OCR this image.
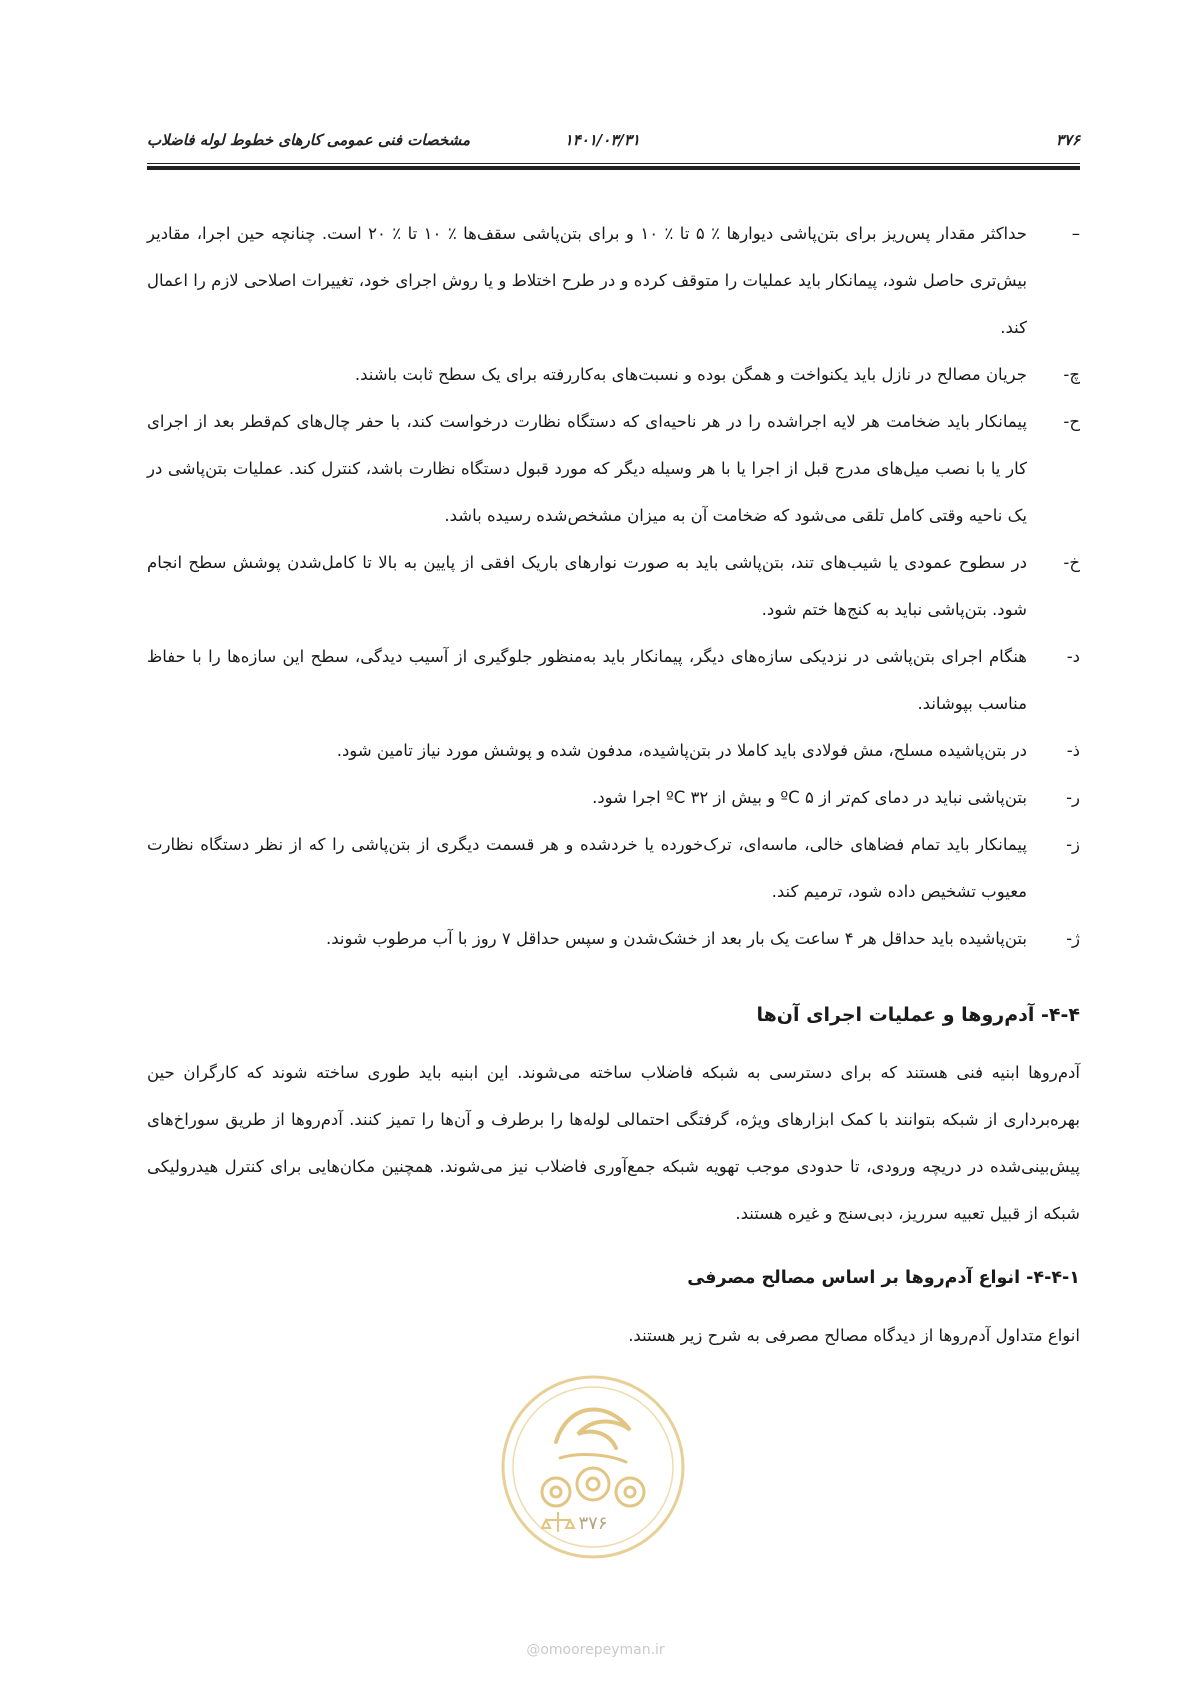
۳۷۶
۱۴۰۱/۰۳/۳۱
مشخصات فنی عمومی کارهای خطوط لوله فاضلاب
–
حداکثر مقدار پس‌ریز برای بتن‌پاشی دیوارها ٪ ۵ تا ٪ ۱۰ و برای بتن‌پاشی سقف‌ها ٪ ۱۰ تا ٪ ۲۰ است. چنانچه حین اجرا، مقادیر بیش‌تری حاصل شود، پیمانکار باید عملیات را متوقف کرده و در طرح اختلاط و یا روش اجرای خود، تغییرات اصلاحی لازم را اعمال کند.
چ-
جریان مصالح در نازل باید یکنواخت و همگن بوده و نسبت‌های به‌کاررفته برای یک سطح ثابت باشند.
ح-
پیمانکار باید ضخامت هر لایه اجراشده را در هر ناحیه‌ای که دستگاه نظارت درخواست کند، با حفر چال‌های کم‌قطر بعد از اجرای کار یا با نصب میل‌های مدرج قبل از اجرا یا با هر وسیله دیگر که مورد قبول دستگاه نظارت باشد، کنترل کند. عملیات بتن‌پاشی در یک ناحیه وقتی کامل تلقی می‌شود که ضخامت آن به میزان مشخص‌شده رسیده باشد.
خ-
در سطوح عمودی یا شیب‌های تند، بتن‌پاشی باید به صورت نوارهای باریک افقی از پایین به بالا تا کامل‌شدن پوشش سطح انجام شود. بتن‌پاشی نباید به کنج‌ها ختم شود.
د-
هنگام اجرای بتن‌پاشی در نزدیکی سازه‌های دیگر، پیمانکار باید به‌منظور جلوگیری از آسیب دیدگی، سطح این سازه‌ها را با حفاظ مناسب بپوشاند.
ذ-
در بتن‌پاشیده مسلح، مش فولادی باید کاملا در بتن‌پاشیده، مدفون شده و پوشش مورد نیاز تامین شود.
ر-
بتن‌پاشی نباید در دمای کم‌تر از ۵ ºC و بیش از ۳۲ ºC اجرا شود.
ز-
پیمانکار باید تمام فضاهای خالی، ماسه‌ای، ترک‌خورده یا خردشده و هر قسمت دیگری از بتن‌پاشی را که از نظر دستگاه نظارت معیوب تشخیص داده شود، ترمیم کند.
ژ-
بتن‌پاشیده باید حداقل هر ۴ ساعت یک بار بعد از خشک‌شدن و سپس حداقل ۷ روز با آب مرطوب شوند.
۴-۴- آدم‌روها و عملیات اجرای آن‌ها
آدم‌روها ابنیه فنی هستند که برای دسترسی به شبکه فاضلاب ساخته می‌شوند. این ابنیه باید طوری ساخته شوند که کارگران حین بهره‌برداری از شبکه بتوانند با کمک ابزارهای ویژه، گرفتگی احتمالی لوله‌ها را برطرف و آن‌ها را تمیز کنند. آدم‌روها از طریق سوراخ‌های پیش‌بینی‌شده در دریچه ورودی، تا حدودی موجب تهویه شبکه جمع‌آوری فاضلاب نیز می‌شوند. همچنین مکان‌هایی برای کنترل هیدرولیکی شبکه از قبیل تعبیه سرریز، دبی‌سنج و غیره هستند.
۴-۴-۱- انواع آدم‌روها بر اساس مصالح مصرفی
انواع متداول آدم‌روها از دیدگاه مصالح مصرفی به شرح زیر هستند.
۳۷۶
@omoorepeyman.ir
